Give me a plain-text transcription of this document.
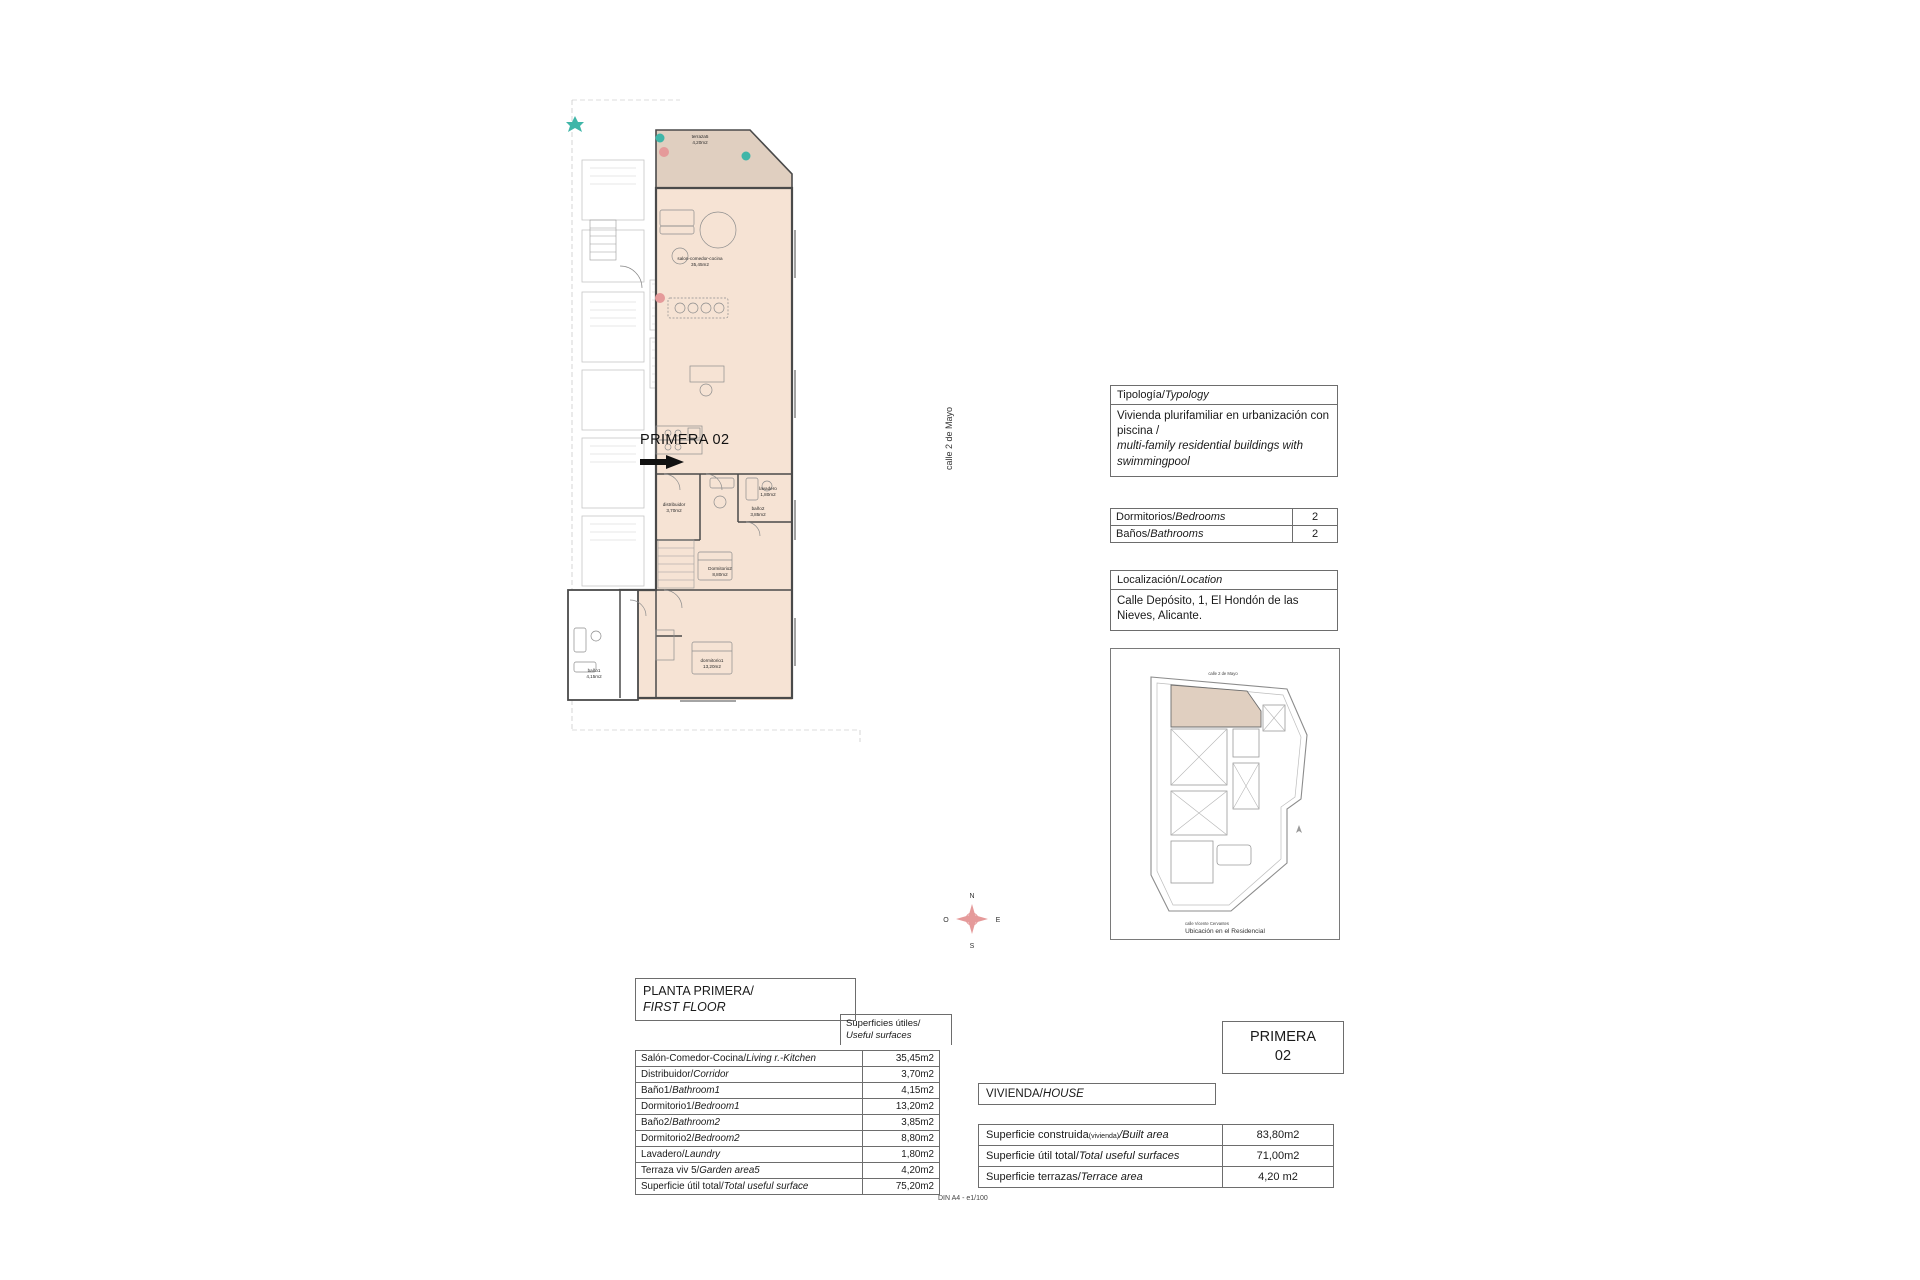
terraza5
4,20m2
salon-comedor-cocina
35,45m2
distribuidor
3,70m2	baño2
3,85m2
lavadero
1,80m2
Dormitorio2
8,80m2
dormitorio1
13,20m2
baño1
4,15m2
PRIMERA 02	calle 2 de Mayo
N
S
E
O
Tipología/Typology
Vivienda plurifamiliar en urbanización con piscina /
multi-family residential buildings with swimmingpool
Dormitorios/Bedrooms	2
Baños/Bathrooms	2
Localización/Location
Calle Depósito, 1, El Hondón de las Nieves, Alicante.
calle 2 de Mayo
calle Vicente Cervantes
Ubicación en el Residencial
PLANTA PRIMERA/
FIRST FLOOR
Superficies útiles/
Useful surfaces
Salón-Comedor-Cocina/Living r.-Kitchen	35,45m2
Distribuidor/Corridor	3,70m2
Baño1/Bathroom1	4,15m2
Dormitorio1/Bedroom1	13,20m2
Baño2/Bathroom2	3,85m2
Dormitorio2/Bedroom2	8,80m2
Lavadero/Laundry	1,80m2
Terraza viv 5/Garden area5	4,20m2
Superficie útil total/Total useful surface	75,20m2
DIN A4 - e1/100
PRIMERA
02
VIVIENDA/HOUSE
Superficie construida(vivienda)/Built area	83,80m2
Superficie útil total/Total useful surfaces	71,00m2
Superficie terrazas/Terrace area	4,20 m2
